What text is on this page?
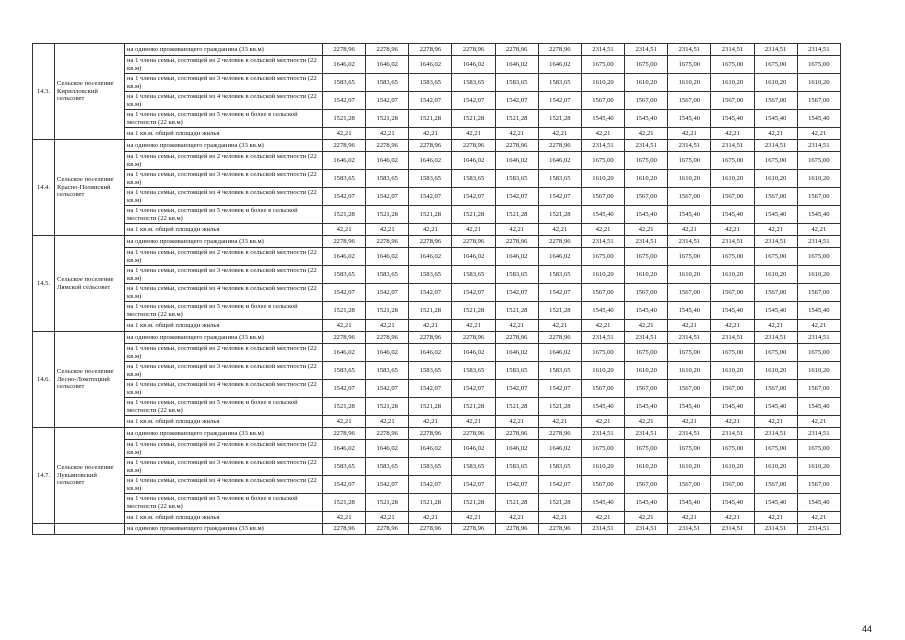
14.3.	Сельское поселение Кирилловский сельсовет	на одиноко проживающего гражданина (33 кв.м)	2278,96	2278,96	2278,96	2278,96	2278,96	2278,96	2314,51	2314,51	2314,51	2314,51	2314,51	2314,51
		на 1 члена семьи, состоящей из 2 человек в сельской местности (22 кв.м)	1646,02	1646,02	1646,02	1646,02	1646,02	1646,02	1675,00	1675,00	1675,00	1675,00	1675,00	1675,00
		на 1 члена семьи, состоящей из 3 человек в сельской местности (22 кв.м)	1583,65	1583,65	1583,65	1583,65	1583,65	1583,65	1610,20	1610,20	1610,20	1610,20	1610,20	1610,20
		на 1 члена семьи, состоящей из 4 человек в сельской местности (22 кв.м)	1542,07	1542,07	1542,07	1542,07	1542,07	1542,07	1567,00	1567,00	1567,00	1567,00	1567,00	1567,00
		на 1 члена семьи, состоящей из 5 человек и более в сельской местности (22 кв.м)	1521,28	1521,28	1521,28	1521,28	1521,28	1521,28	1545,40	1545,40	1545,40	1545,40	1545,40	1545,40
		на 1 кв.м. общей площади жилья	42,21	42,21	42,21	42,21	42,21	42,21	42,21	42,21	42,21	42,21	42,21	42,21
14.4.	Сельское поселение Красно-Полянский сельсовет	на одиноко проживающего гражданина (33 кв.м)	2278,96	2278,96	2278,96	2278,96	2278,96	2278,96	2314,51	2314,51	2314,51	2314,51	2314,51	2314,51
		на 1 члена семьи, состоящей из 2 человек в сельской местности (22 кв.м)	1646,02	1646,02	1646,02	1646,02	1646,02	1646,02	1675,00	1675,00	1675,00	1675,00	1675,00	1675,00
		на 1 члена семьи, состоящей из 3 человек в сельской местности (22 кв.м)	1583,65	1583,65	1583,65	1583,65	1583,65	1583,65	1610,20	1610,20	1610,20	1610,20	1610,20	1610,20
		на 1 члена семьи, состоящей из 4 человек в сельской местности (22 кв.м)	1542,07	1542,07	1542,07	1542,07	1542,07	1542,07	1567,00	1567,00	1567,00	1567,00	1567,00	1567,00
		на 1 члена семьи, состоящей из 5 человек и более в сельской местности (22 кв.м)	1521,28	1521,28	1521,28	1521,28	1521,28	1521,28	1545,40	1545,40	1545,40	1545,40	1545,40	1545,40
		на 1 кв.м. общей площади жилья	42,21	42,21	42,21	42,21	42,21	42,21	42,21	42,21	42,21	42,21	42,21	42,21
14.5.	Сельское поселение Лямской сельсовет	на одиноко проживающего гражданина (33 кв.м)	2278,96	2278,96	2278,96	2278,96	2278,96	2278,96	2314,51	2314,51	2314,51	2314,51	2314,51	2314,51
		на 1 члена семьи, состоящей из 2 человек в сельской местности (22 кв.м)	1646,02	1646,02	1646,02	1646,02	1646,02	1646,02	1675,00	1675,00	1675,00	1675,00	1675,00	1675,00
		на 1 члена семьи, состоящей из 3 человек в сельской местности (22 кв.м)	1583,65	1583,65	1583,65	1583,65	1583,65	1583,65	1610,20	1610,20	1610,20	1610,20	1610,20	1610,20
		на 1 члена семьи, состоящей из 4 человек в сельской местности (22 кв.м)	1542,07	1542,07	1542,07	1542,07	1542,07	1542,07	1567,00	1567,00	1567,00	1567,00	1567,00	1567,00
		на 1 члена семьи, состоящей из 5 человек и более в сельской местности (22 кв.м)	1521,28	1521,28	1521,28	1521,28	1521,28	1521,28	1545,40	1545,40	1545,40	1545,40	1545,40	1545,40
		на 1 кв.м. общей площади жилья	42,21	42,21	42,21	42,21	42,21	42,21	42,21	42,21	42,21	42,21	42,21	42,21
14.6.	Сельское поселение Лесно-Локотецкий сельсовет	на одиноко проживающего гражданина (33 кв.м)	2278,96	2278,96	2278,96	2278,96	2278,96	2278,96	2314,51	2314,51	2314,51	2314,51	2314,51	2314,51
		на 1 члена семьи, состоящей из 2 человек в сельской местности (22 кв.м)	1646,02	1646,02	1646,02	1646,02	1646,02	1646,02	1675,00	1675,00	1675,00	1675,00	1675,00	1675,00
		на 1 члена семьи, состоящей из 3 человек в сельской местности (22 кв.м)	1583,65	1583,65	1583,65	1583,65	1583,65	1583,65	1610,20	1610,20	1610,20	1610,20	1610,20	1610,20
		на 1 члена семьи, состоящей из 4 человек в сельской местности (22 кв.м)	1542,07	1542,07	1542,07	1542,07	1542,07	1542,07	1567,00	1567,00	1567,00	1567,00	1567,00	1567,00
		на 1 члена семьи, состоящей из 5 человек и более в сельской местности (22 кв.м)	1521,28	1521,28	1521,28	1521,28	1521,28	1521,28	1545,40	1545,40	1545,40	1545,40	1545,40	1545,40
		на 1 кв.м. общей площади жилья	42,21	42,21	42,21	42,21	42,21	42,21	42,21	42,21	42,21	42,21	42,21	42,21
14.7.	Сельское поселение Лукьяновский сельсовет	на одиноко проживающего гражданина (33 кв.м)	2278,96	2278,96	2278,96	2278,96	2278,96	2278,96	2314,51	2314,51	2314,51	2314,51	2314,51	2314,51
		на 1 члена семьи, состоящей из 2 человек в сельской местности (22 кв.м)	1646,02	1646,02	1646,02	1646,02	1646,02	1646,02	1675,00	1675,00	1675,00	1675,00	1675,00	1675,00
		на 1 члена семьи, состоящей из 3 человек в сельской местности (22 кв.м)	1583,65	1583,65	1583,65	1583,65	1583,65	1583,65	1610,20	1610,20	1610,20	1610,20	1610,20	1610,20
		на 1 члена семьи, состоящей из 4 человек в сельской местности (22 кв.м)	1542,07	1542,07	1542,07	1542,07	1542,07	1542,07	1567,00	1567,00	1567,00	1567,00	1567,00	1567,00
		на 1 члена семьи, состоящей из 5 человек и более в сельской местности (22 кв.м)	1521,28	1521,28	1521,28	1521,28	1521,28	1521,28	1545,40	1545,40	1545,40	1545,40	1545,40	1545,40
		на 1 кв.м. общей площади жилья	42,21	42,21	42,21	42,21	42,21	42,21	42,21	42,21	42,21	42,21	42,21	42,21
		на одиноко проживающего гражданина (33 кв.м)	2278,96	2278,96	2278,96	2278,96	2278,96	2278,96	2314,51	2314,51	2314,51	2314,51	2314,51	2314,51
44
